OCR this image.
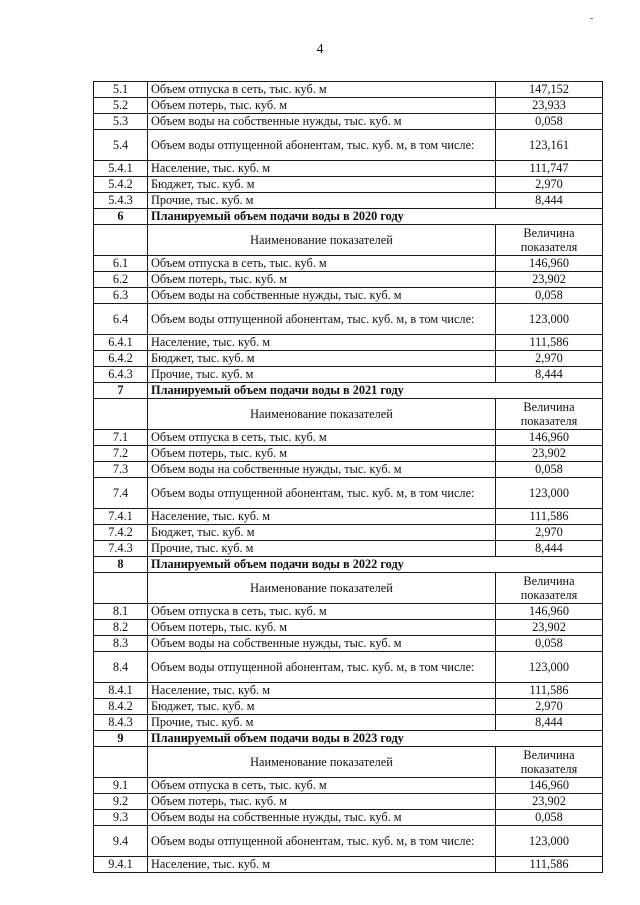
4
5.1	Объем отпуска в сеть, тыс. куб. м	147,152
5.2	Объем потерь, тыс. куб. м	23,933
5.3	Объем воды на собственные нужды, тыс. куб. м	0,058
5.4	Объем воды отпущенной абонентам, тыс. куб. м, в том числе:	123,161
5.4.1	Население, тыс. куб. м	111,747
5.4.2	Бюджет, тыс. куб. м	2,970
5.4.3	Прочие, тыс. куб. м	8,444
6	Планируемый объем подачи воды в 2020 году	
	Наименование показателей	Величина показателя
6.1	Объем отпуска в сеть, тыс. куб. м	146,960
6.2	Объем потерь, тыс. куб. м	23,902
6.3	Объем воды на собственные нужды, тыс. куб. м	0,058
6.4	Объем воды отпущенной абонентам, тыс. куб. м, в том числе:	123,000
6.4.1	Население, тыс. куб. м	111,586
6.4.2	Бюджет, тыс. куб. м	2,970
6.4.3	Прочие, тыс. куб. м	8,444
7	Планируемый объем подачи воды в 2021 году	
	Наименование показателей	Величина показателя
7.1	Объем отпуска в сеть, тыс. куб. м	146,960
7.2	Объем потерь, тыс. куб. м	23,902
7.3	Объем воды на собственные нужды, тыс. куб. м	0,058
7.4	Объем воды отпущенной абонентам, тыс. куб. м, в том числе:	123,000
7.4.1	Население, тыс. куб. м	111,586
7.4.2	Бюджет, тыс. куб. м	2,970
7.4.3	Прочие, тыс. куб. м	8,444
8	Планируемый объем подачи воды в 2022 году	
	Наименование показателей	Величина показателя
8.1	Объем отпуска в сеть, тыс. куб. м	146,960
8.2	Объем потерь, тыс. куб. м	23,902
8.3	Объем воды на собственные нужды, тыс. куб. м	0,058
8.4	Объем воды отпущенной абонентам, тыс. куб. м, в том числе:	123,000
8.4.1	Население, тыс. куб. м	111,586
8.4.2	Бюджет, тыс. куб. м	2,970
8.4.3	Прочие, тыс. куб. м	8,444
9	Планируемый объем подачи воды в 2023 году	
	Наименование показателей	Величина показателя
9.1	Объем отпуска в сеть, тыс. куб. м	146,960
9.2	Объем потерь, тыс. куб. м	23,902
9.3	Объем воды на собственные нужды, тыс. куб. м	0,058
9.4	Объем воды отпущенной абонентам, тыс. куб. м, в том числе:	123,000
9.4.1	Население, тыс. куб. м	111,586
